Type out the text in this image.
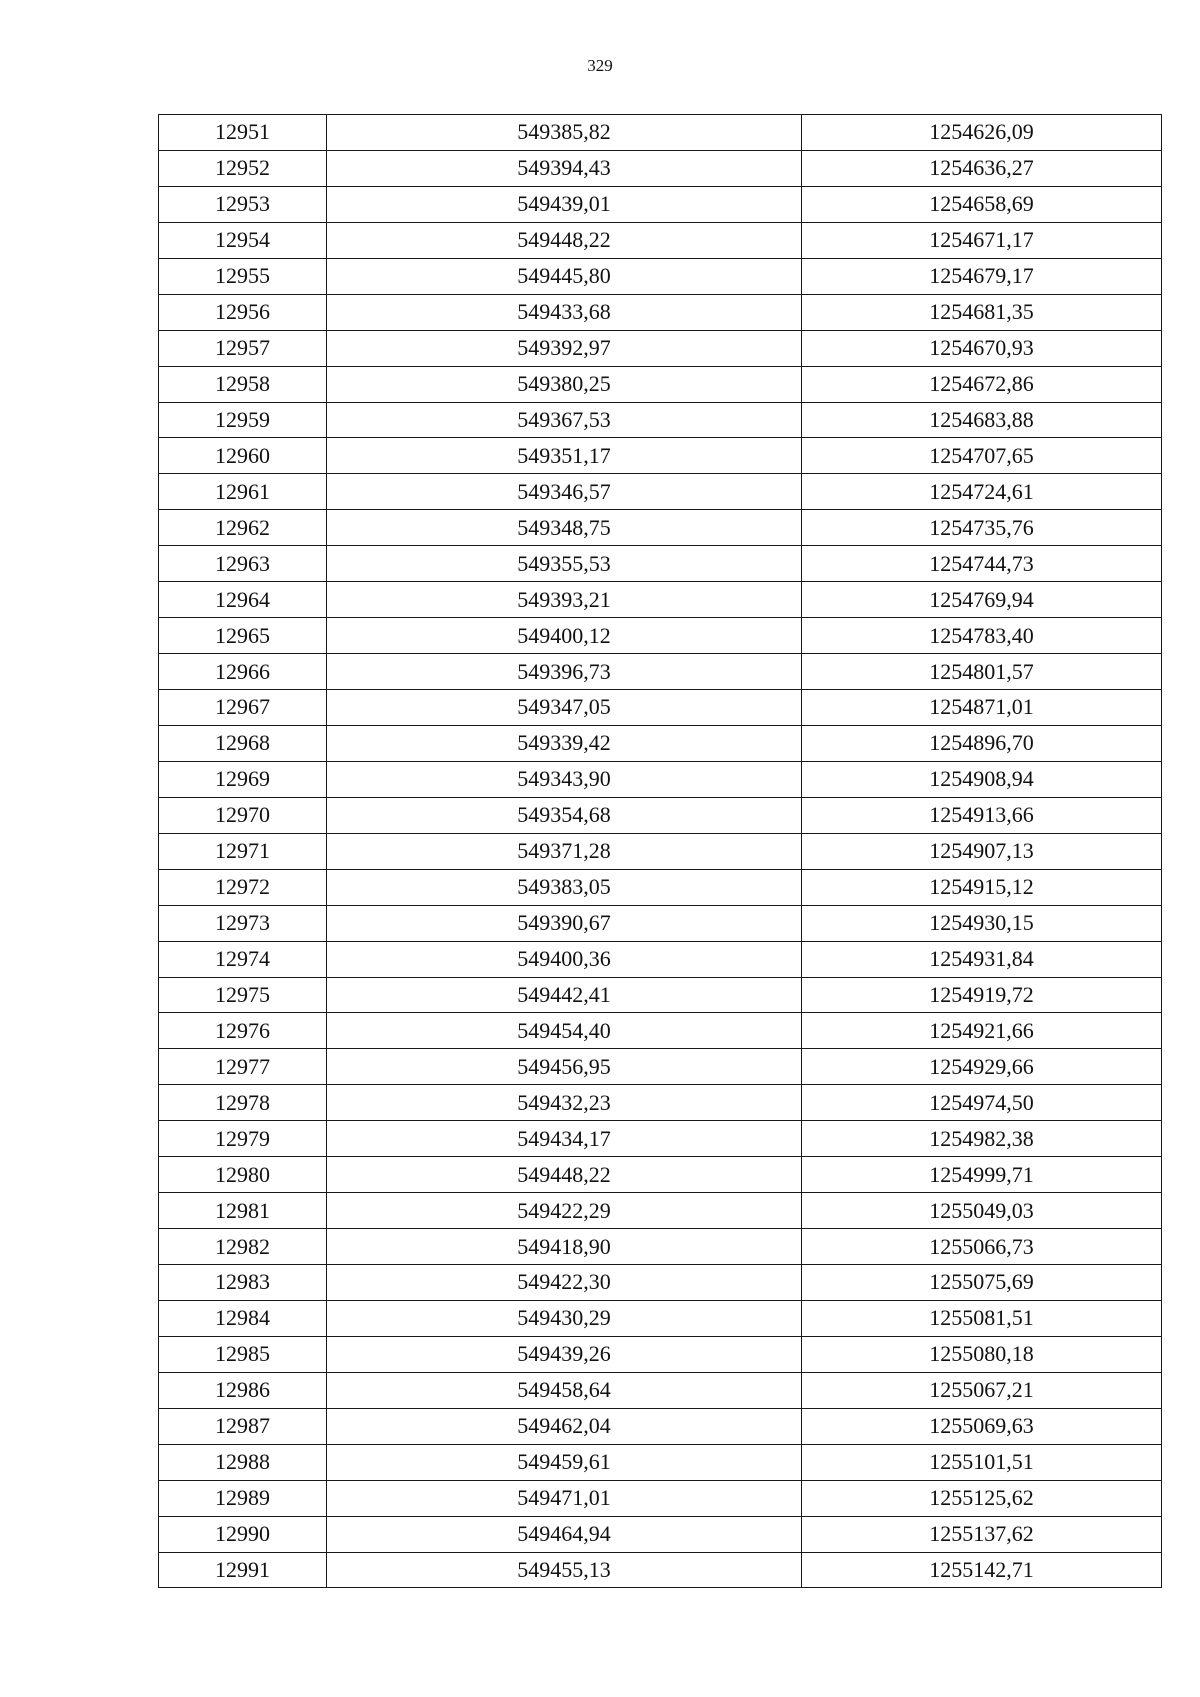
329
12951	549385,82	1254626,09
12952	549394,43	1254636,27
12953	549439,01	1254658,69
12954	549448,22	1254671,17
12955	549445,80	1254679,17
12956	549433,68	1254681,35
12957	549392,97	1254670,93
12958	549380,25	1254672,86
12959	549367,53	1254683,88
12960	549351,17	1254707,65
12961	549346,57	1254724,61
12962	549348,75	1254735,76
12963	549355,53	1254744,73
12964	549393,21	1254769,94
12965	549400,12	1254783,40
12966	549396,73	1254801,57
12967	549347,05	1254871,01
12968	549339,42	1254896,70
12969	549343,90	1254908,94
12970	549354,68	1254913,66
12971	549371,28	1254907,13
12972	549383,05	1254915,12
12973	549390,67	1254930,15
12974	549400,36	1254931,84
12975	549442,41	1254919,72
12976	549454,40	1254921,66
12977	549456,95	1254929,66
12978	549432,23	1254974,50
12979	549434,17	1254982,38
12980	549448,22	1254999,71
12981	549422,29	1255049,03
12982	549418,90	1255066,73
12983	549422,30	1255075,69
12984	549430,29	1255081,51
12985	549439,26	1255080,18
12986	549458,64	1255067,21
12987	549462,04	1255069,63
12988	549459,61	1255101,51
12989	549471,01	1255125,62
12990	549464,94	1255137,62
12991	549455,13	1255142,71
